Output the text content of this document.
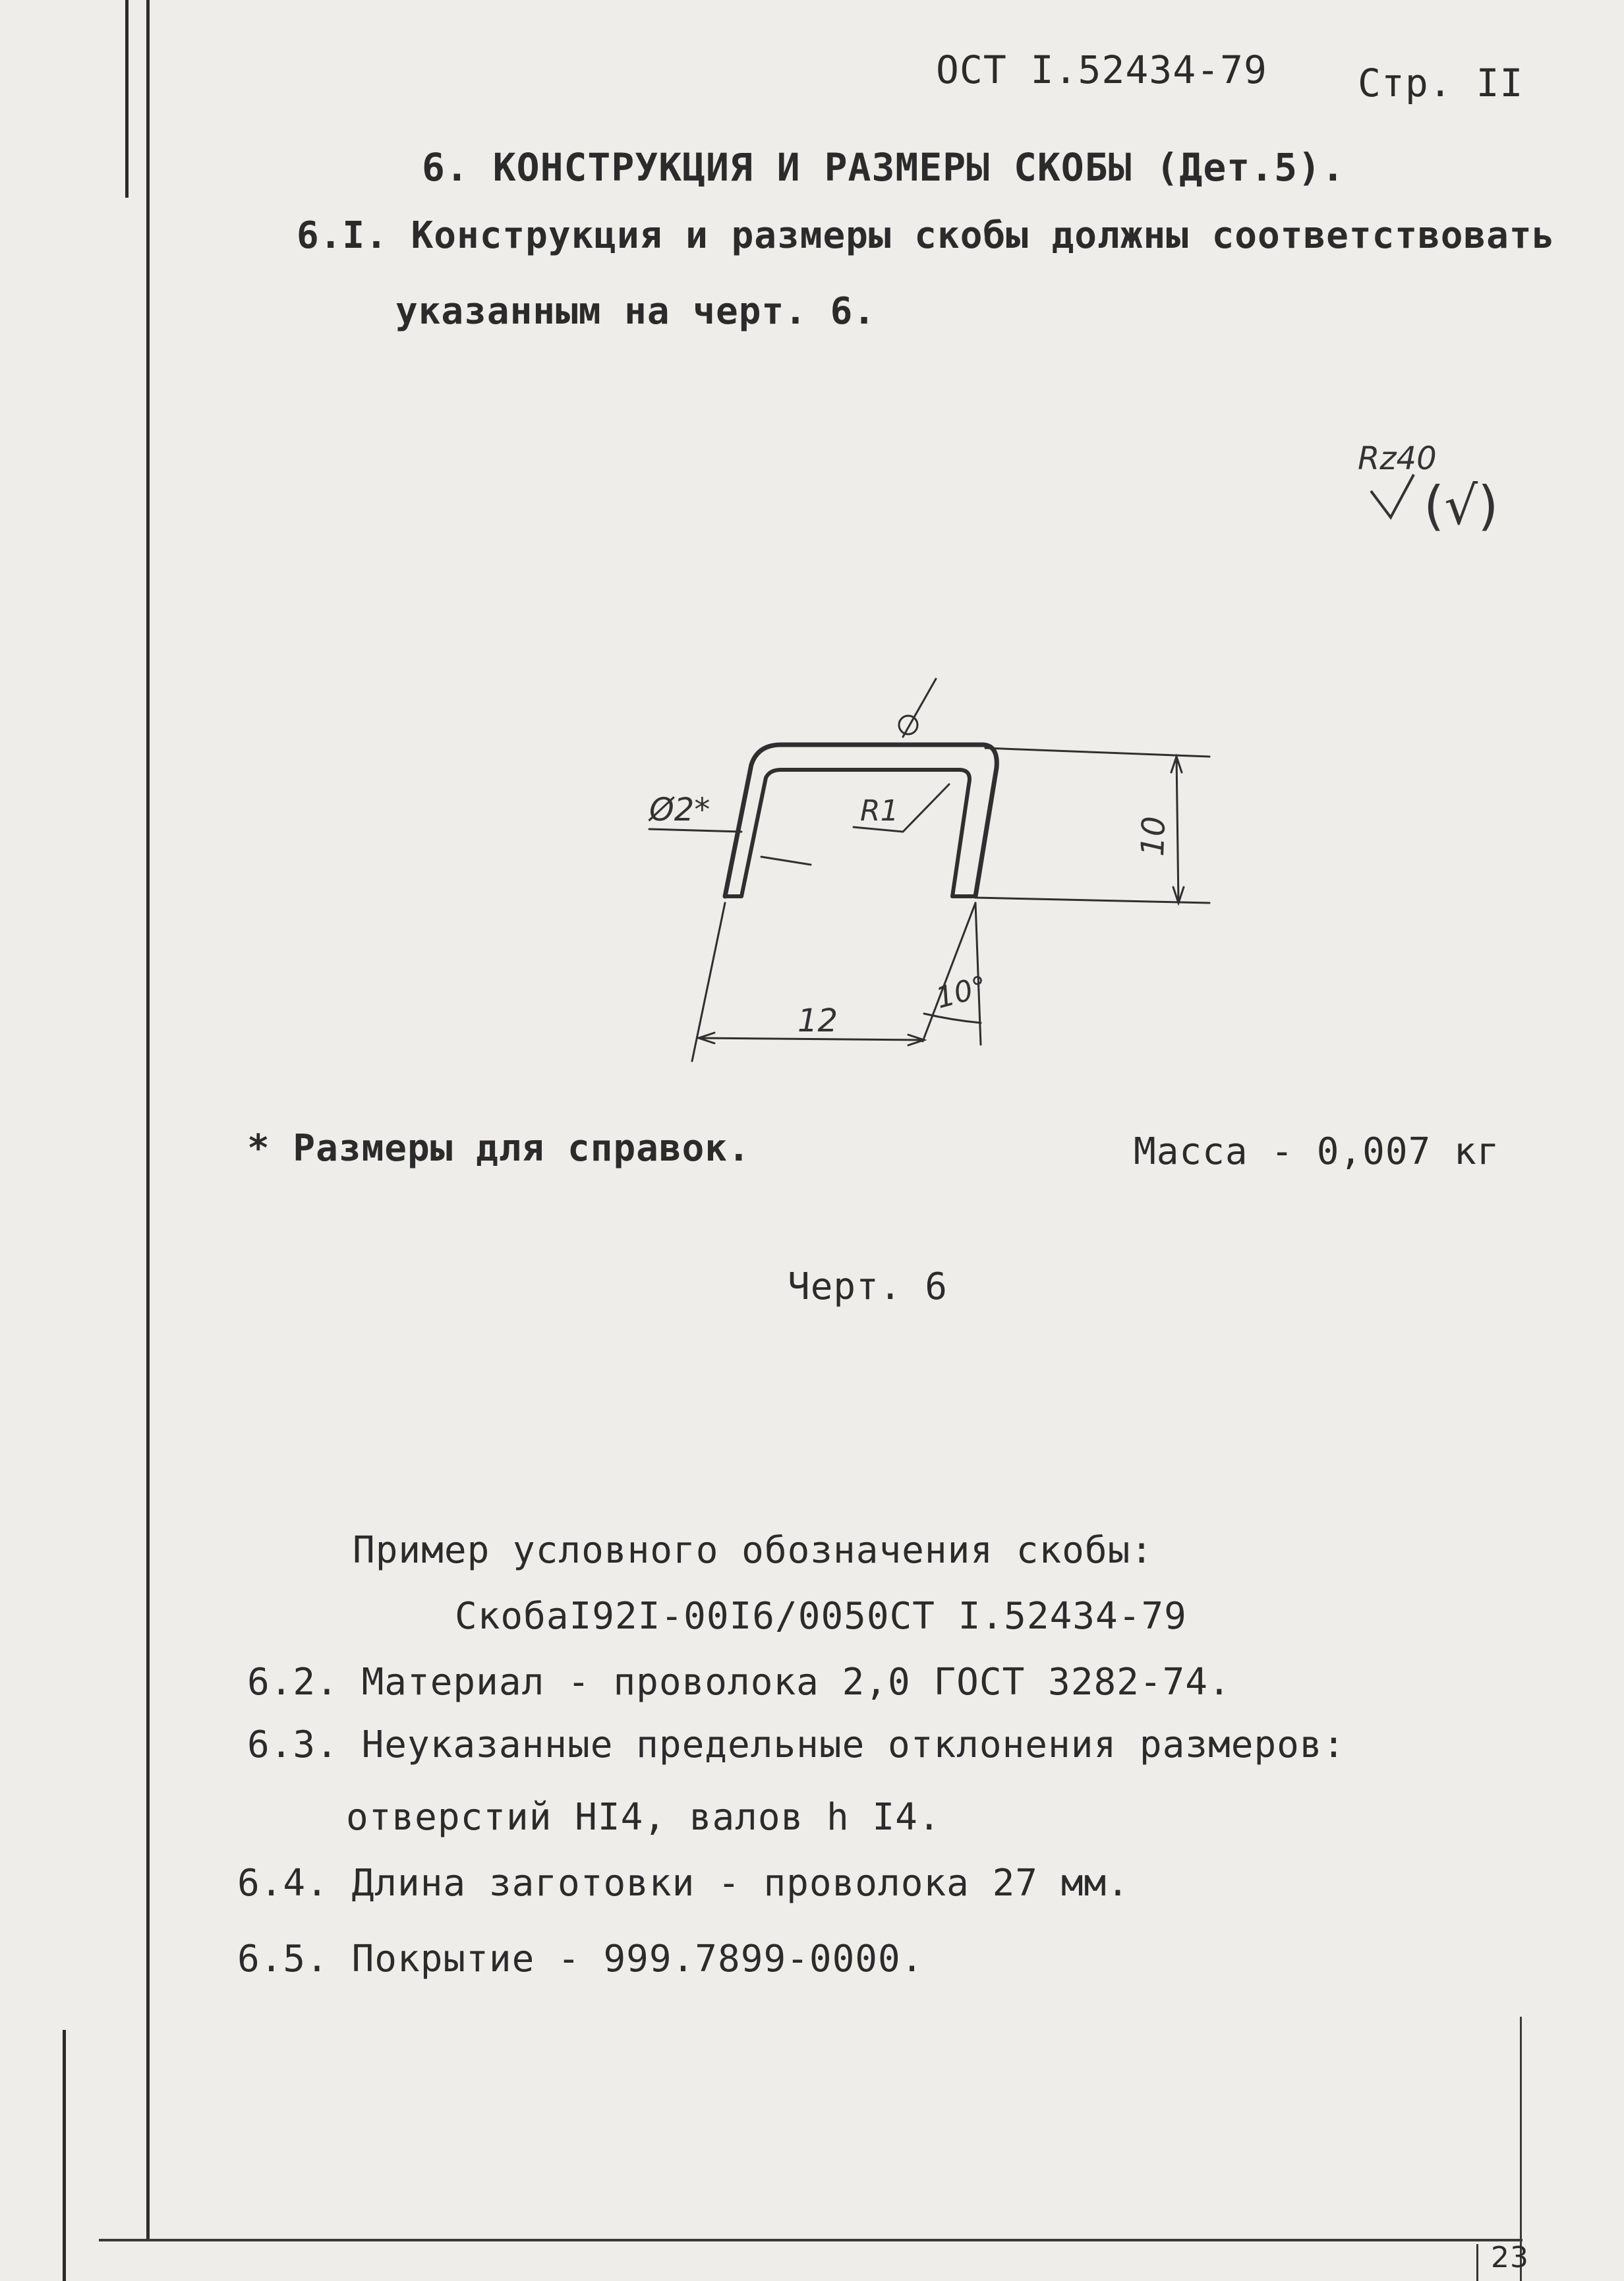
ОСТ I.52434-79 Стр. II
6. КОНСТРУКЦИЯ И РАЗМЕРЫ СКОБЫ (Дет.5).
6.I. Конструкция и размеры скобы должны соответствовать
указанным на черт. 6.
Rz40
(√)
Ø2*	R1
10
12
10°
* Размеры для справок.	Масса - 0,007 кг
Черт. 6
Пример условного обозначения скобы:
СкобаI92I-00I6/0050СТ I.52434-79
6.2. Материал - проволока 2,0 ГОСТ 3282-74.
6.3. Неуказанные предельные отклонения размеров:
отверстий HI4, валов h I4.
6.4. Длина заготовки - проволока 27 мм.
6.5. Покрытие - 999.7899-0000.
23
